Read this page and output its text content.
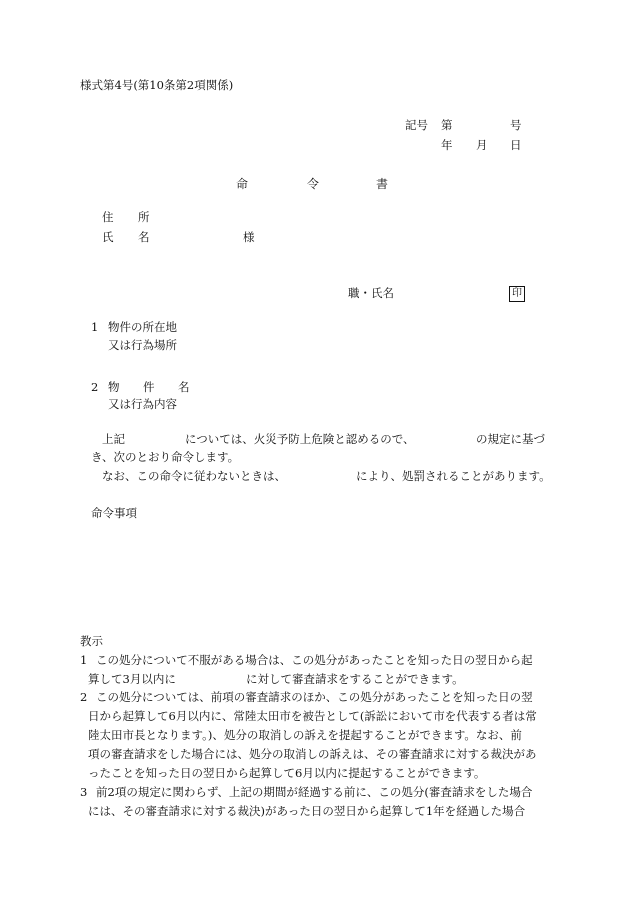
様式第4号(第10条第2項関係)
記号 第	号
年 月 日
命	令	書
住 所
氏 名	様
職・氏名	印
1 物件の所在地
又は行為場所
2 物 件 名
又は行為内容
上記	については、火災予防上危険と認めるので、	の規定に基づ
き、次のとおり命令します。
なお、この命令に従わないときは、	により、処罰されることがあります。
命令事項
教示
1 この処分について不服がある場合は、この処分があったことを知った日の翌日から起
算して3月以内に	に対して審査請求をすることができます。
2 この処分については、前項の審査請求のほか、この処分があったことを知った日の翌
日から起算して6月以内に、常陸太田市を被告として(訴訟において市を代表する者は常
陸太田市長となります。)、処分の取消しの訴えを提起することができます。なお、前
項の審査請求をした場合には、処分の取消しの訴えは、その審査請求に対する裁決があ
ったことを知った日の翌日から起算して6月以内に提起することができます。
3 前2項の規定に関わらず、上記の期間が経過する前に、この処分(審査請求をした場合
には、その審査請求に対する裁決)があった日の翌日から起算して1年を経過した場合
